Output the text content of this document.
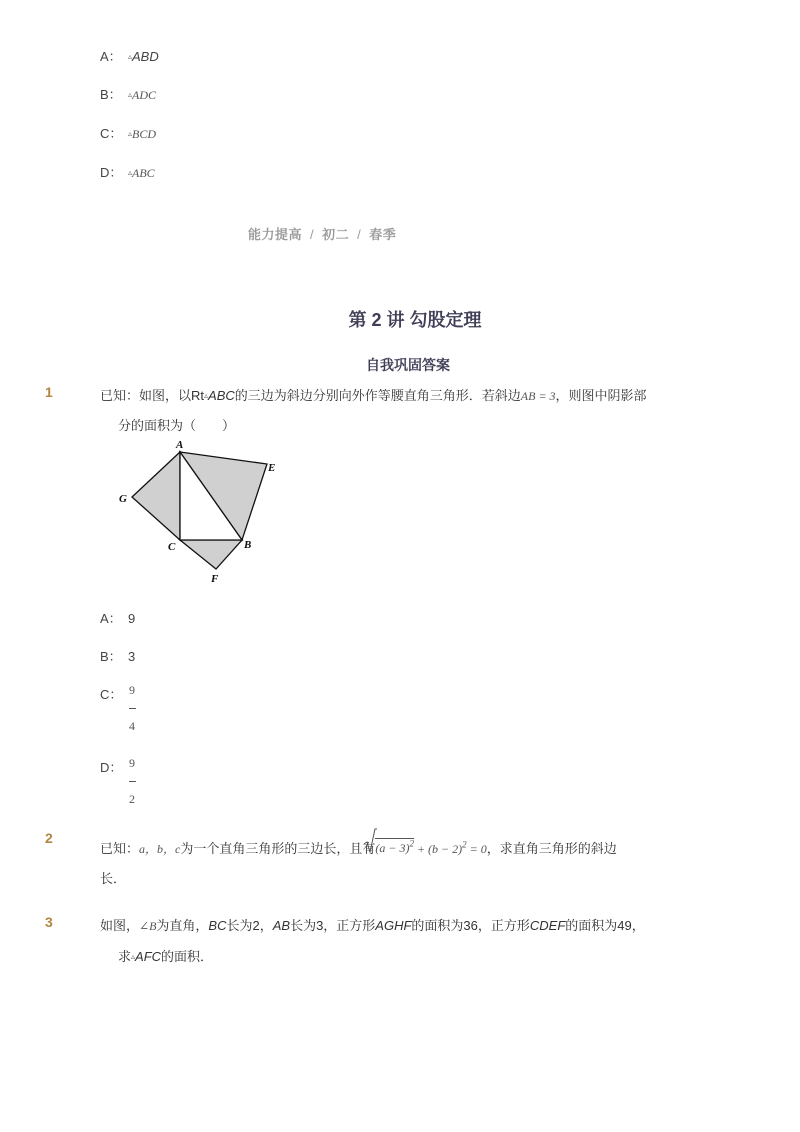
A： ▵ABD
B： ▵ADC
C： ▵BCD
D： ▵ABC
能力提高 / 初二 / 春季
第 2 讲 勾股定理
自我巩固答案
1	已知：如图，以Rt▵ABC的三边为斜边分别向外作等腰直角三角形．若斜边AB = 3，则图中阴影部
分的面积为（　　）
A
B
C
E
F
G
A： 9
B： 3
C： 9
4
D： 9
2
2
已知：a，b，c为一个直角三角形的三边长，且有
$(a - 3)^2 + (b - 2)^2 = 0$，求直角三角形的斜边
长．
3	如图，∠B为直角，BC长为2，AB长为3，正方形AGHF的面积为36，正方形CDEF的面积为49，
求▵AFC的面积．
